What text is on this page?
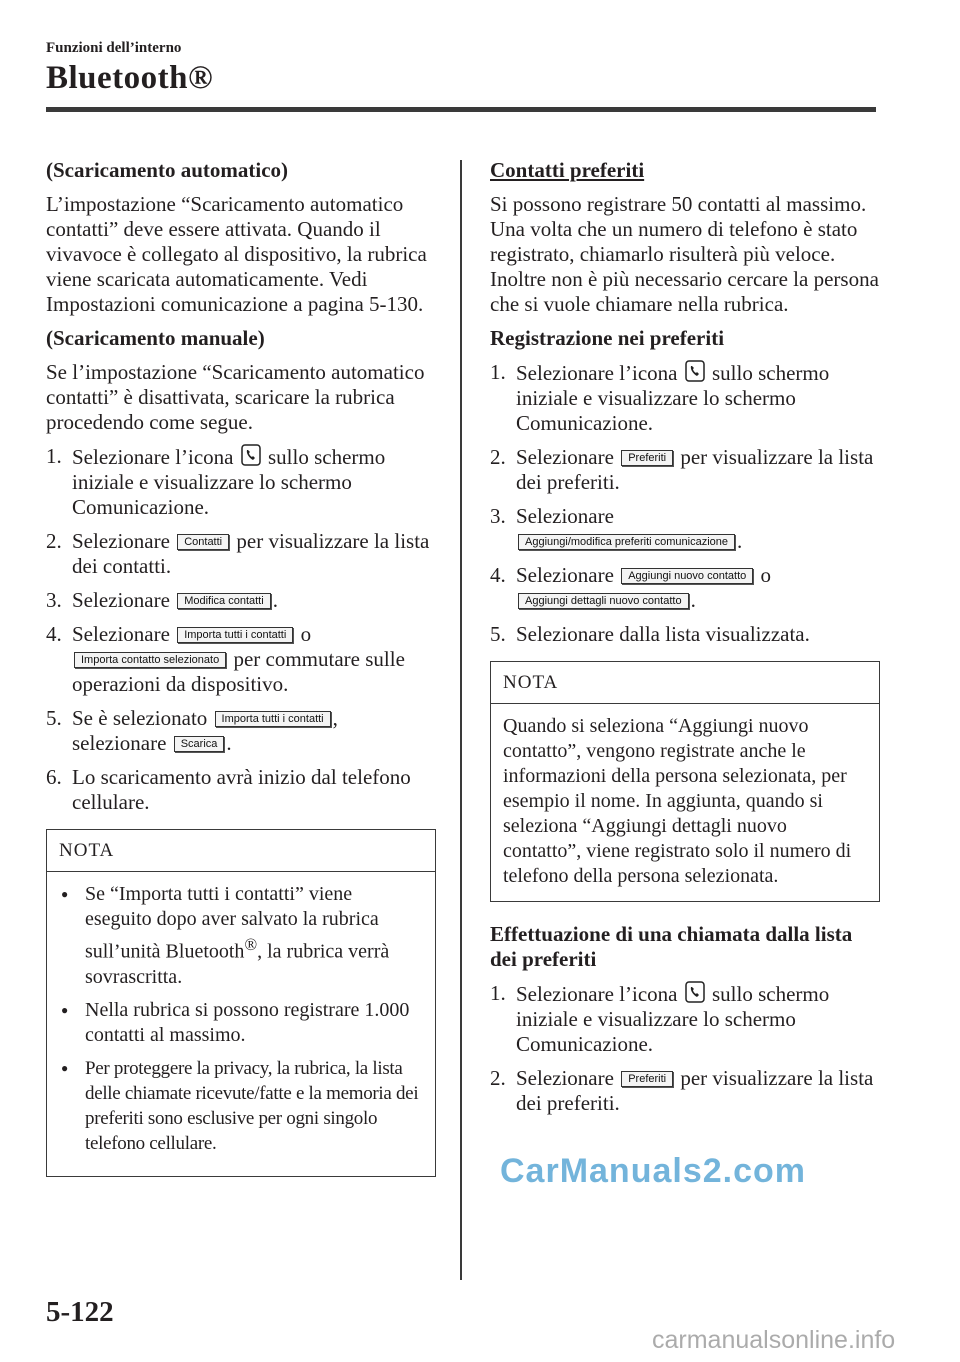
Funzioni dell’interno
Bluetooth®

(Scaricamento automatico)

L’impostazione “Scaricamento automatico contatti” deve essere attivata. Quando il vivavoce è collegato al dispositivo, la rubrica viene scaricata automaticamente. Vedi Impostazioni comunicazione a pagina 5-130.

(Scaricamento manuale)

Se l’impostazione “Scaricamento automatico contatti” è disattivata, scaricare la rubrica procedendo come segue.

1. Selezionare l’icona sullo schermo iniziale e visualizzare lo schermo Comunicazione.

2. Selezionare Contatti per visualizzare la lista dei contatti.

3. Selezionare Modifica contatti .

4. Selezionare Importa tutti i contatti o Importa contatto selezionato per commutare sulle operazioni da dispositivo.

5. Se è selezionato Importa tutti i contatti , selezionare Scarica .

6. Lo scaricamento avrà inizio dal telefono cellulare.

NOTA
● Se “Importa tutti i contatti” viene eseguito dopo aver salvato la rubrica sull’unità Bluetooth®, la rubrica verrà sovrascritta.
● Nella rubrica si possono registrare 1.000 contatti al massimo.
● Per proteggere la privacy, la rubrica, la lista delle chiamate ricevute/fatte e la memoria dei preferiti sono esclusive per ogni singolo telefono cellulare.

Contatti preferiti

Si possono registrare 50 contatti al massimo. Una volta che un numero di telefono è stato registrato, chiamarlo risulterà più veloce. Inoltre non è più necessario cercare la persona che si vuole chiamare nella rubrica.

Registrazione nei preferiti

1. Selezionare l’icona sullo schermo iniziale e visualizzare lo schermo Comunicazione.

2. Selezionare Preferiti per visualizzare la lista dei preferiti.

3. Selezionare
Aggiungi/modifica preferiti comunicazione .

4. Selezionare Aggiungi nuovo contatto o
Aggiungi dettagli nuovo contatto .

5. Selezionare dalla lista visualizzata.

NOTA
Quando si seleziona “Aggiungi nuovo contatto”, vengono registrate anche le informazioni della persona selezionata, per esempio il nome. In aggiunta, quando si seleziona “Aggiungi dettagli nuovo contatto”, viene registrato solo il numero di telefono della persona selezionata.

Effettuazione di una chiamata dalla lista dei preferiti

1. Selezionare l’icona sullo schermo iniziale e visualizzare lo schermo Comunicazione.

2. Selezionare Preferiti per visualizzare la lista dei preferiti.

5-122
CarManuals2.com
carmanualsonline.info
